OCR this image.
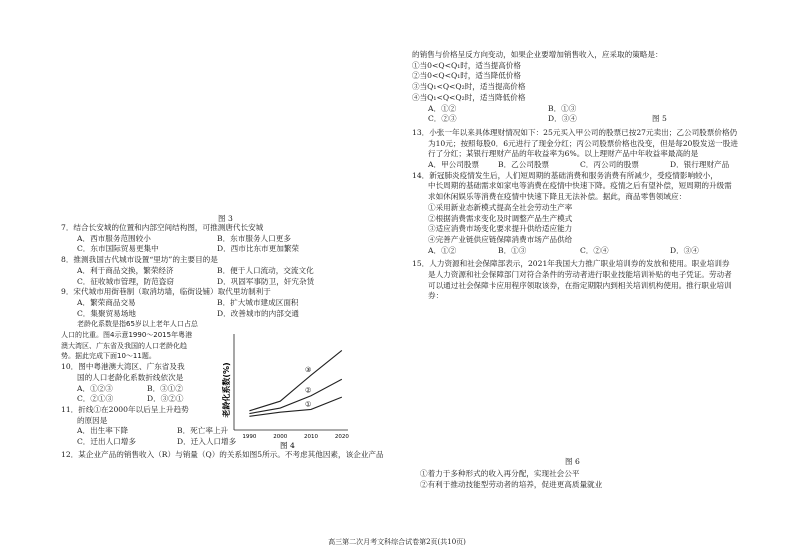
图 3
7．结合长安城的位置和内部空间结构图，可推测唐代长安城
A．西市服务范围较小	B．东市服务人口更多
C．东市国际贸易更集中	D．西市比东市更加繁荣
8．推测我国古代城市设置“里坊”的主要目的是
A．利于商品交换，繁荣经济	B．便于人口流动，交流文化
C．征收城市管理，防范盗窃	D．巩固军事防卫，奸宄杂赁
9．宋代城市用街巷制（取消坊墙，临街设铺）取代里坊制利于
A．繁荣商品交易	B．扩大城市建成区面积
C．集聚贸易场地	D．改善城市的内部交通
老龄化系数是指65岁以上老年人口占总
人口的比重。图4示意1990～2015年粤港
澳大湾区、广东省及我国的人口老龄化趋
势。据此完成下面10～11题。
10．图中粤港澳大湾区、广东省及我
国的人口老龄化系数折线依次是
A．①②③	B．③①②
C．②①③	D．③②①
11．折线①在2000年以后呈上升趋势
的原因是
A．出生率下降	B．死亡率上升
C．迁出人口增多	D．迁入人口增多
12．某企业产品的销售收入（R）与销量（Q）的关系如图5所示。不考虑其他因素，该企业产品
老龄化系数(%)	①
②
③
1990	2000	2010	2020
图 4
的销售与价格呈反方向变动，如果企业要增加销售收入，应采取的策略是：
①当0<Q<Q₁时，适当提高价格
②当0<Q<Q₁时，适当降低价格
③当Q₁<Q<Q₂时，适当提高价格
④当Q₁<Q<Q₂时，适当降低价格
A．①②	B．①③
C．②③	D．③④	图 5
13．小张一年以来具体理财情况如下：25元买入甲公司的股票已按27元卖出；乙公司股票价格仍
为10元；按照每股0．6元进行了现金分红；丙公司股票价格也没变，但是每20股发送一股进
行了分红；某银行理财产品的年收益率为6%。以上理财产品中年收益率最高的是
A．甲公司股票	B．乙公司股票	C．丙公司的股票	D．银行理财产品
14．新冠肺炎疫情发生后，人们短周期的基础消费和服务消费有所减少，受疫情影响较小，
中长周期的基础需求如家电等消费在疫情中快速下降。疫情之后有望补偿，短周期的升级需
求如休闲娱乐等消费在疫情中快速下降且无法补偿。据此，商品零售领域应：
①采用新业态新模式提高全社会劳动生产率
②根据消费需求变化及时调整产品生产模式
③适应消费市场变化要求提升供给适应能力
④完善产业链供应链保障消费市场产品供给
A．①②	B．①③	C．②④	D．③④
15．人力资源和社会保障部表示，2021年我国大力推广职业培训券的发放和使用。职业培训券
是人力资源和社会保障部门对符合条件的劳动者进行职业技能培训补贴的电子凭证。劳动者
可以通过社会保障卡应用程序领取该券，在指定期限内到相关培训机构使用。推行职业培训
券：
图 6
①着力于多种形式的收入再分配，实现社会公平
②有利于推动技能型劳动者的培养，促进更高质量就业
高三第二次月考文科综合试卷第2页(共10页)
